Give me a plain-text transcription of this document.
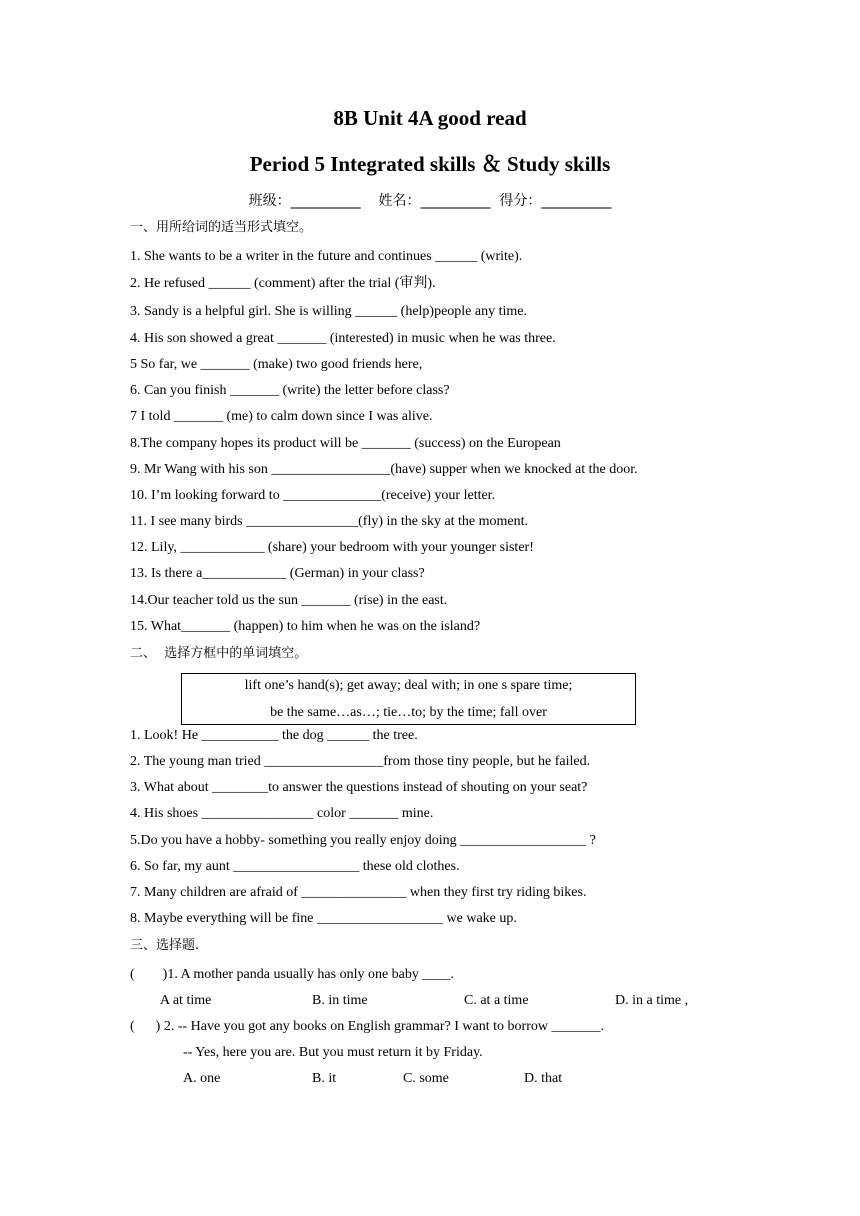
8B Unit 4A good read
Period 5 Integrated skills ＆ Study skills
班级：__________    姓名：__________  得分：__________
一、用所给词的适当形式填空。
1. She wants to be a writer in the future and continues ______ (write).
2. He refused ______ (comment) after the trial (审判).
3. Sandy is a helpful girl. She is willing ______ (help)people any time.
4. His son showed a great _______ (interested) in music when he was three.
5 So far, we _______ (make) two good friends here,
6. Can you finish _______ (write) the letter before class?
7 I told _______ (me) to calm down since I was alive.
8.The company hopes its product will be _______ (success) on the European
9. Mr Wang with his son _________________(have) supper when we knocked at the door.
10. I’m looking forward to ______________(receive) your letter.
11. I see many birds ________________(fly) in the sky at the moment.
12. Lily, ____________ (share) your bedroom with your younger sister!
13. Is there a____________ (German) in your class?
14.Our teacher told us the sun _______ (rise) in the east.
15. What_______ (happen) to him when he was on the island?
二、  选择方框中的单词填空。
lift one’s hand(s); get away; deal with; in one s spare time;
be the same…as…; tie…to; by the time; fall over
1. Look! He ___________ the dog ______ the tree.
2. The young man tried _________________from those tiny people, but he failed.
3. What about ________to answer the questions instead of shouting on your seat?
4. His shoes ________________ color _______ mine.
5.Do you have a hobby- something you really enjoy doing __________________ ?
6. So far, my aunt __________________ these old clothes.
7. Many children are afraid of _______________ when they first try riding bikes.
8. Maybe everything will be fine __________________ we wake up.
三、选择题.
(        )1. A mother panda usually has only one baby ____.
A at time	B. in time	C. at a time	D. in a time ,
(      ) 2. -- Have you got any books on English grammar? I want to borrow _______.
-- Yes, here you are. But you must return it by Friday.
A. one	B. it	C. some	D. that
